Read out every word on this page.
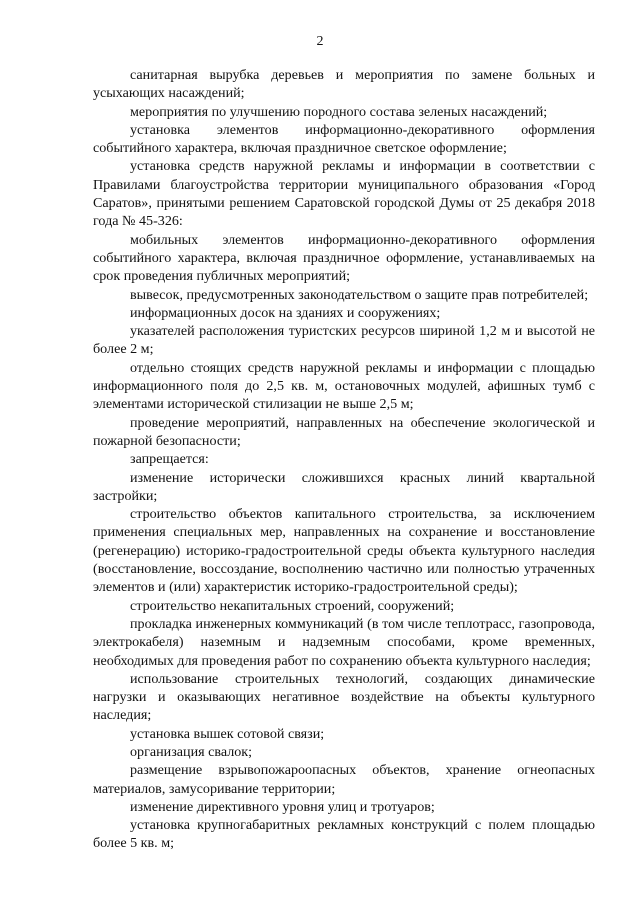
2

санитарная вырубка деревьев и мероприятия по замене больных и усыхающих насаждений;

мероприятия по улучшению породного состава зеленых насаждений;

установка элементов информационно-декоративного оформления событийного характера, включая праздничное светское оформление;

установка средств наружной рекламы и информации в соответствии с Правилами благоустройства территории муниципального образования «Город Саратов», принятыми решением Саратовской городской Думы от 25 декабря 2018 года № 45-326:

мобильных элементов информационно-декоративного оформления событийного характера, включая праздничное оформление, устанавливаемых на срок проведения публичных мероприятий;

вывесок, предусмотренных законодательством о защите прав потребителей;

информационных досок на зданиях и сооружениях;

указателей расположения туристских ресурсов шириной 1,2 м и высотой не более 2 м;

отдельно стоящих средств наружной рекламы и информации с площадью информационного поля до 2,5 кв. м, остановочных модулей, афишных тумб с элементами исторической стилизации не выше 2,5 м;

проведение мероприятий, направленных на обеспечение экологической и пожарной безопасности;

запрещается:

изменение исторически сложившихся красных линий квартальной застройки;

строительство объектов капитального строительства, за исключением применения специальных мер, направленных на сохранение и восстановление (регенерацию) историко-градостроительной среды объекта культурного наследия (восстановление, воссоздание, восполнению частично или полностью утраченных элементов и (или) характеристик историко-градостроительной среды);

строительство некапитальных строений, сооружений;

прокладка инженерных коммуникаций (в том числе теплотрасс, газопровода, электрокабеля) наземным и надземным способами, кроме временных, необходимых для проведения работ по сохранению объекта культурного наследия;

использование строительных технологий, создающих динамические нагрузки и оказывающих негативное воздействие на объекты культурного наследия;

установка вышек сотовой связи;

организация свалок;

размещение взрывопожароопасных объектов, хранение огнеопасных материалов, замусоривание территории;

изменение директивного уровня улиц и тротуаров;

установка крупногабаритных рекламных конструкций с полем площадью более 5 кв. м;
